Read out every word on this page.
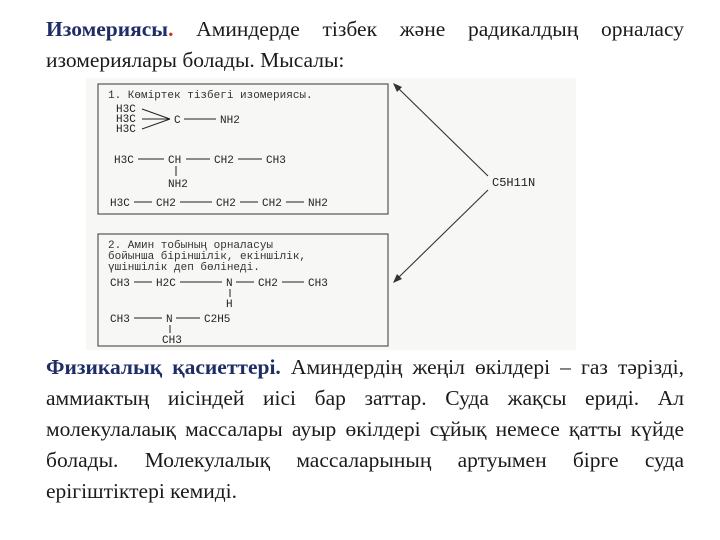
Изомериясы. Аминдерде тізбек және радикалдың орналасу изомериялары болады. Мысалы:

1. Көміртек тізбегі изомериясы.
H3C
H3C
H3C
C	NH2
H3C	CH	CH2	CH3
NH2
H3C CH2	CH2 CH2 NH2
2. Амин тобының орналасуы
бойынша біріншілік, екіншілік,
үшіншілік деп бөлінеді.
CH3 H2C	N CH2	CH3
H
CH3	N	C2H5
CH3
C5H11N

Физикалық қасиеттері. Аминдердің жеңіл өкілдері – газ тәрізді, аммиактың иісіндей иісі бар заттар. Суда жақсы ериді. Ал молекулалаық массалары ауыр өкілдері сұйық немесе қатты күйде болады. Молекулалық массаларының артуымен бірге суда ерігіштіктері кемиді.
